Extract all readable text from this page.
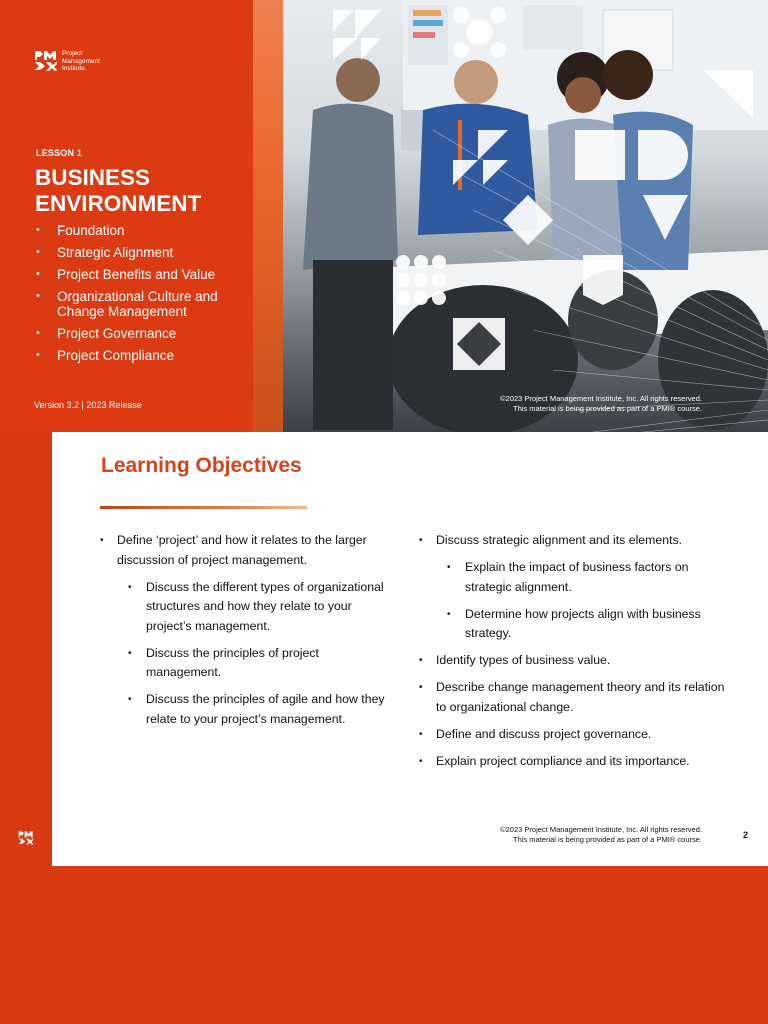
Project
Management
Institute.
LESSON 1
BUSINESS ENVIRONMENT
• Foundation
• Strategic Alignment
• Project Benefits and Value
• Organizational Culture and Change Management
• Project Governance
• Project Compliance
Version 3.2 | 2023 Release
©2023 Project Management Institute, Inc. All rights reserved.
This material is being provided as part of a PMI® course.
Learning Objectives
• Define ‘project’ and how it relates to the larger discussion of project management.
• Discuss the different types of organizational structures and how they relate to your project’s management.
• Discuss the principles of project management.
• Discuss the principles of agile and how they relate to your project’s management.
• Discuss strategic alignment and its elements.
• Explain the impact of business factors on strategic alignment.
• Determine how projects align with business strategy.
• Identify types of business value.
• Describe change management theory and its relation to organizational change.
• Define and discuss project governance.
• Explain project compliance and its importance.
©2023 Project Management Institute, Inc. All rights reserved.
This material is being provided as part of a PMI® course.	2
